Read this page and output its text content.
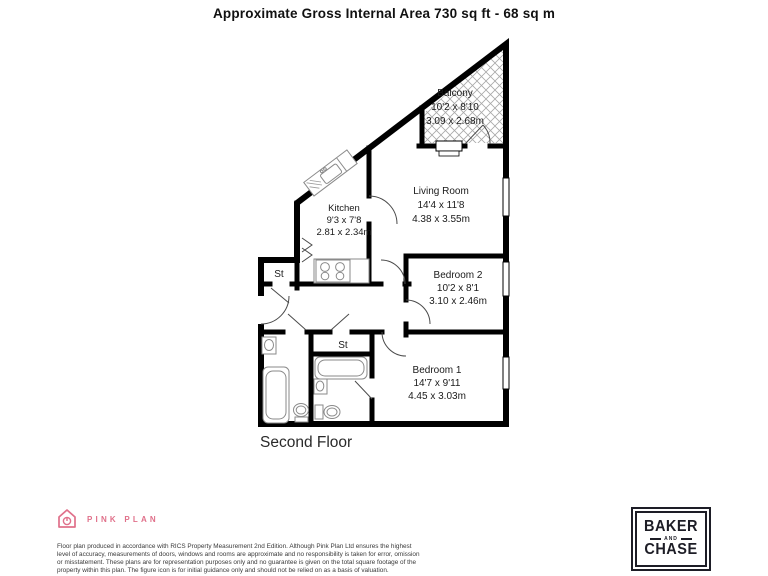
Approximate Gross Internal Area 730 sq ft - 68 sq m
Balcony
10'2 x 8'10
3.09 x 2.68m
Living Room
14'4 x 11'8
4.38 x 3.55m
Kitchen
9'3 x 7'8
2.81 x 2.34m
Bedroom 2
10'2 x 8'1
3.10 x 2.46m
Bedroom 1
14'7 x 9'11
4.45 x 3.03m
St
St
Second Floor
PINK PLAN
Floor plan produced in accordance with RICS Property Measurement 2nd Edition. Although Pink Plan Ltd ensures the highest
level of accuracy, measurements of doors, windows and rooms are approximate and no responsibility is taken for error, omission
or misstatement. These plans are for representation purposes only and no guarantee is given on the total square footage of the
property within this plan. The figure icon is for initial guidance only and should not be relied on as a basis of valuation.
BAKER
AND
CHASE
